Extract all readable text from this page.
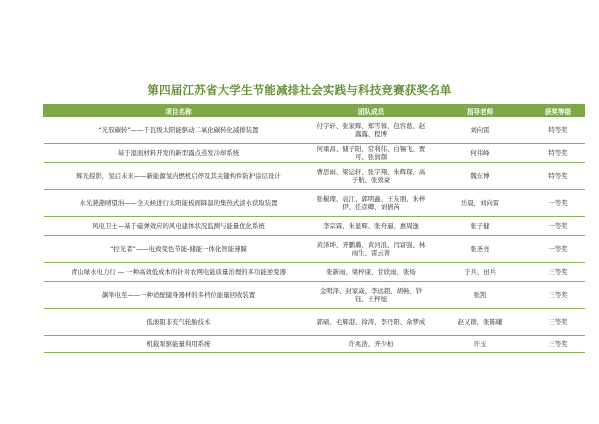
第四届江苏省大学生节能减排社会实践与科技竞赛获奖名单
项目名称	团队成员	指导老师	获奖等级
“光驭碳转”——千瓦级太阳能驱动二氧化碳转化减排装置	付宇轩、张家辉、郑雪蓉、包容葛、赵露露、程博	刘向雷	特等奖
基于湿面材料开发的新型露点蒸发冷却系统	何重昌、储子阳、常利伟、白锡飞、贾可、张润颜	何伟峰	特等奖
辉光掠影，氢启未来——新能源氢内燃机启停及其关键构件防护涂层设计	曹思雨、梁运轩、张宇翔、朱辉琛、高子航、张致豪	魏东博	特等奖
水光滟滟晴望涓——全天候进行太阳能板面降温的集热式淡水获取装置	张椒璨、袁江、郭明鑫、王友朋、朱梓伊、任彦卿、刘倩芮	岳晨，刘向雷	一等奖
风电卫士—基于磁弹效应的风电建体状况监测与能量优化系统	李宗霖、朱显辉、张舟逼、惠周逸	张子健	一等奖
“控光者”——电致变色节能-储能一体化智能薄膜	黄泽坤、齐鹏璐、黄河浪、闫富强、林雨生、雷云菁	张圣亮	一等奖
青山绿水电力行 — 一种高效低成本的针对农网电能质量治理的多功能逆变器	张新雨、梁梓康、甘欣雨、张炀	于兵、田兵	三等奖
飙举电至——一种适配健身器材的多档位能量回收装置	金明泽、封家焱、李远超、胡畅、钞钰、王梓旭	张凯	三等奖
低滚阻非充气轮胎技术	郭硕、毛辉港、徐涛、李丹阳、余梦成	赵又群，张陈曦	三等奖
机载泵驱能量利用系统	许兆浩、齐少桓	许玉	三等奖
